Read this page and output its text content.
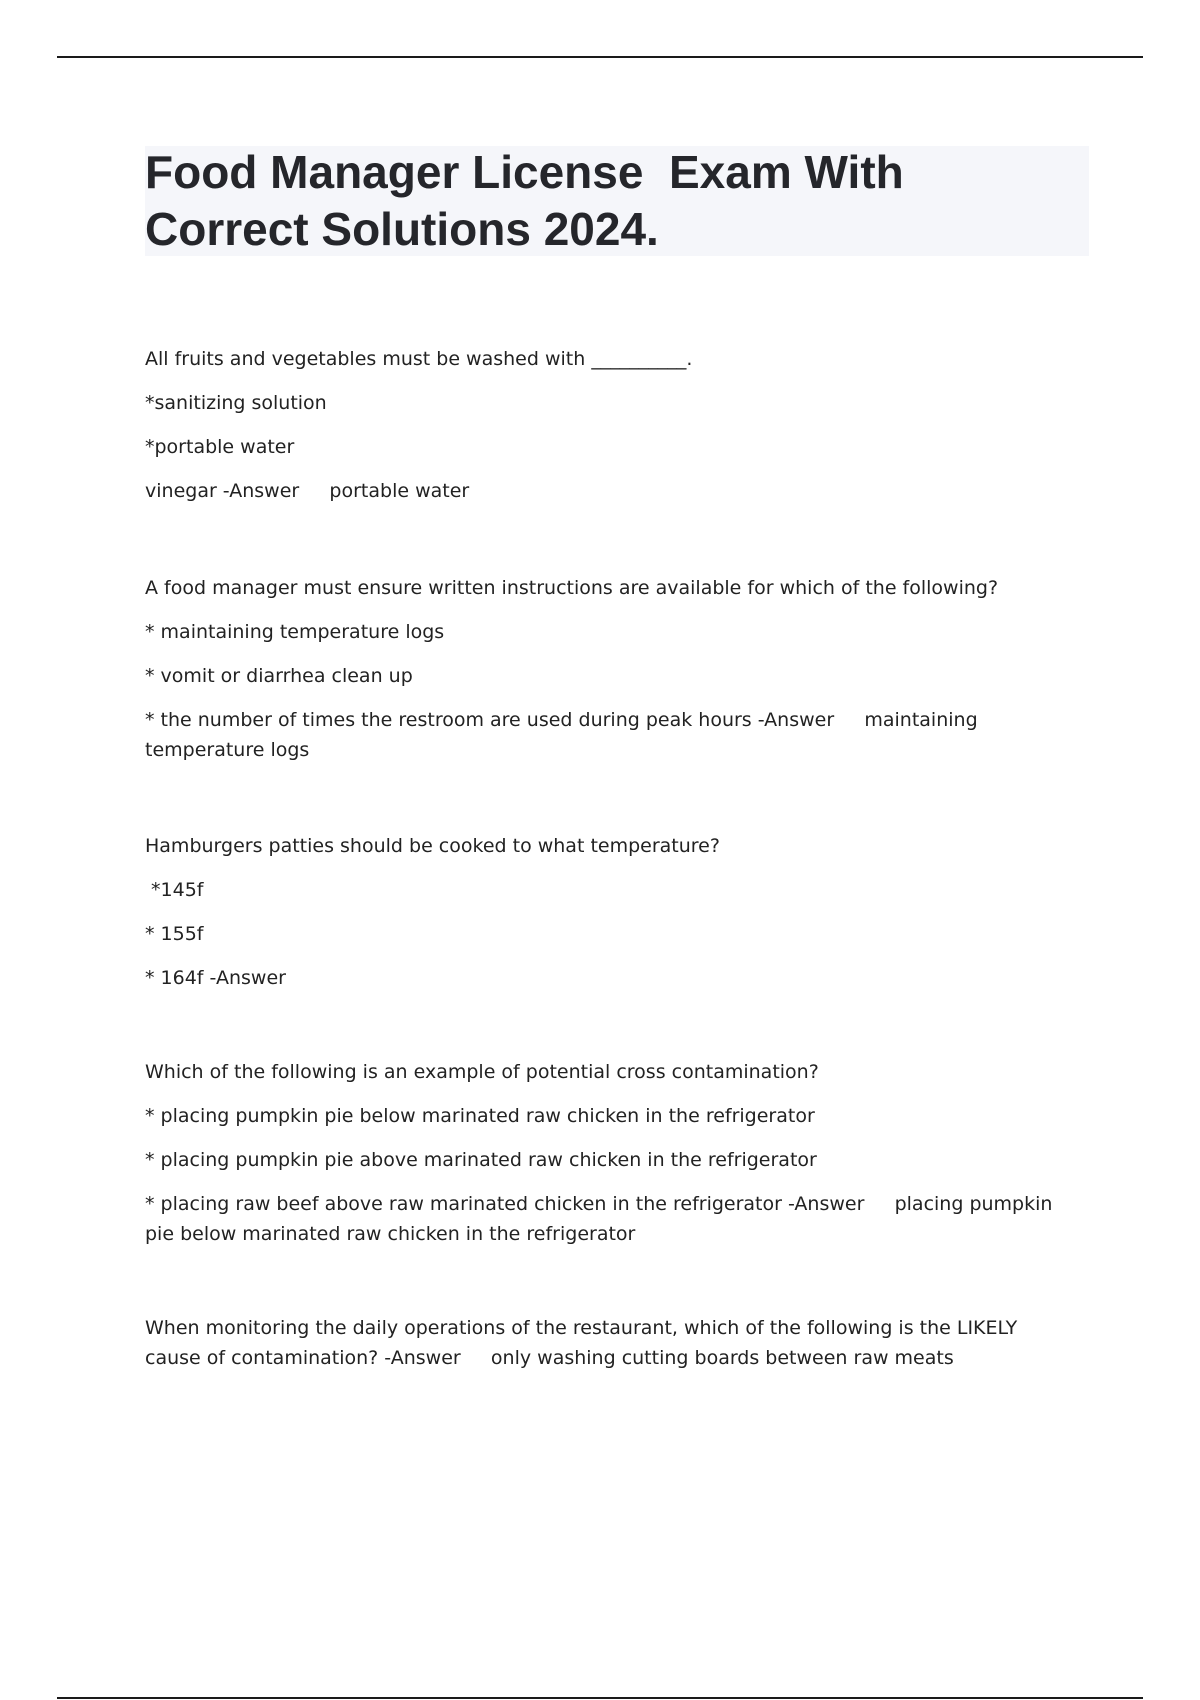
Food Manager License  Exam With
Correct Solutions 2024.

All fruits and vegetables must be washed with __________.

*sanitizing solution

*portable water

vinegar -Answer     portable water

A food manager must ensure written instructions are available for which of the following?

* maintaining temperature logs

* vomit or diarrhea clean up

* the number of times the restroom are used during peak hours -Answer     maintaining temperature logs

Hamburgers patties should be cooked to what temperature?

*145f

* 155f

* 164f -Answer

Which of the following is an example of potential cross contamination?

* placing pumpkin pie below marinated raw chicken in the refrigerator

* placing pumpkin pie above marinated raw chicken in the refrigerator

* placing raw beef above raw marinated chicken in the refrigerator -Answer     placing pumpkin pie below marinated raw chicken in the refrigerator

When monitoring the daily operations of the restaurant, which of the following is the LIKELY cause of contamination? -Answer     only washing cutting boards between raw meats
